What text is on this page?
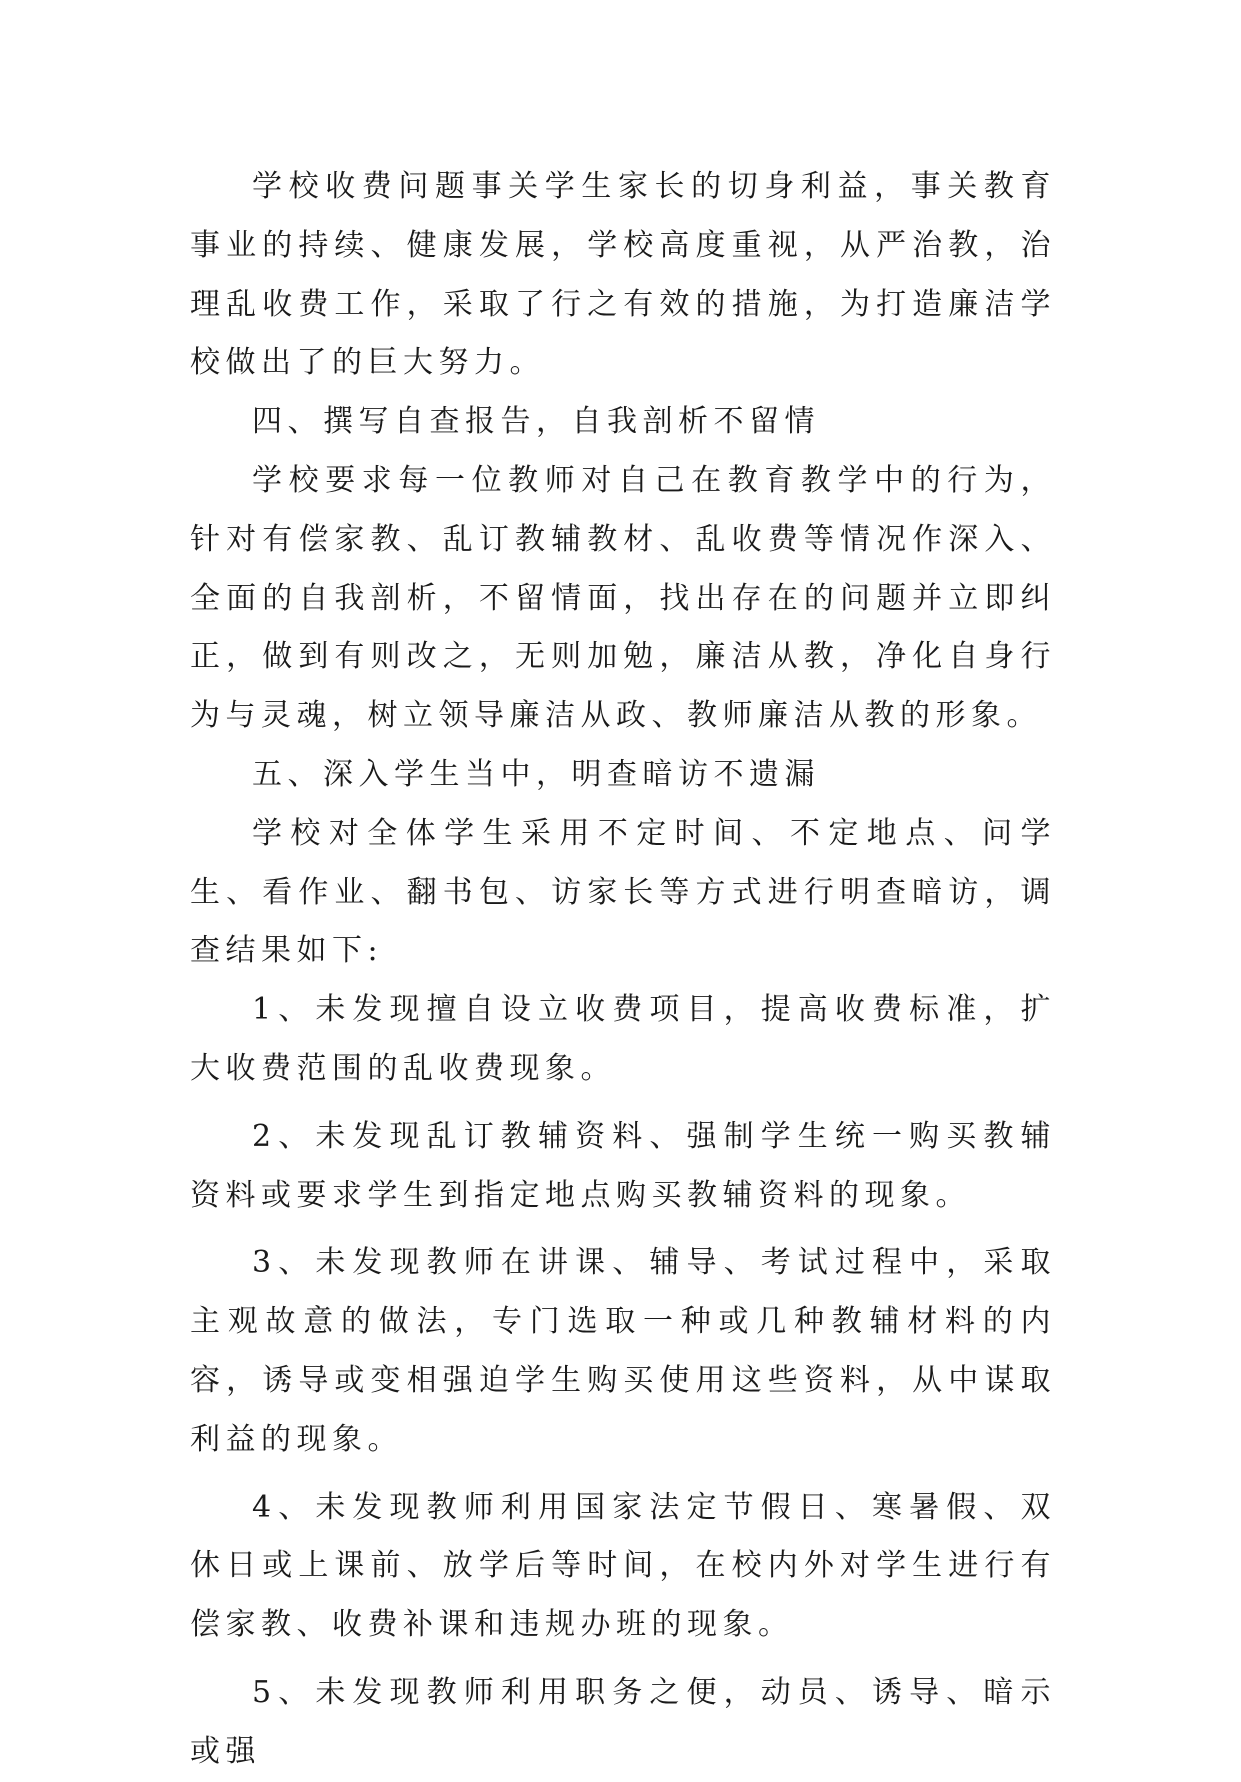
学校收费问题事关学生家长的切身利益，事关教育事业的持续、健康发展，学校高度重视，从严治教，治理乱收费工作，采取了行之有效的措施，为打造廉洁学校做出了的巨大努力。

四、撰写自查报告，自我剖析不留情

学校要求每一位教师对自己在教育教学中的行为，针对有偿家教、乱订教辅教材、乱收费等情况作深入、全面的自我剖析，不留情面，找出存在的问题并立即纠正，做到有则改之，无则加勉，廉洁从教，净化自身行为与灵魂，树立领导廉洁从政、教师廉洁从教的形象。

五、深入学生当中，明查暗访不遗漏

学校对全体学生采用不定时间、不定地点、问学生、看作业、翻书包、访家长等方式进行明查暗访，调查结果如下:

1、未发现擅自设立收费项目，提高收费标准，扩大收费范围的乱收费现象。

2、未发现乱订教辅资料、强制学生统一购买教辅资料或要求学生到指定地点购买教辅资料的现象。

3、未发现教师在讲课、辅导、考试过程中，采取主观故意的做法，专门选取一种或几种教辅材料的内容，诱导或变相强迫学生购买使用这些资料，从中谋取利益的现象。

4、未发现教师利用国家法定节假日、寒暑假、双休日或上课前、放学后等时间，在校内外对学生进行有偿家教、收费补课和违规办班的现象。

5、未发现教师利用职务之便，动员、诱导、暗示或强
